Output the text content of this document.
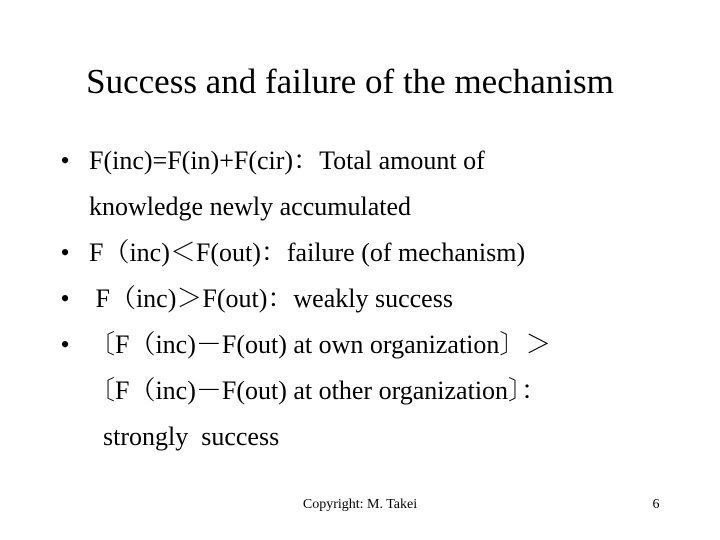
Success and failure of the mechanism
• F(inc)=F(in)+F(cir)：Total amount of
knowledge newly accumulated
• F（inc)＜F(out)：failure (of mechanism)
• F（inc)＞F(out)：weakly success
• 〔F（inc)－F(out) at own organization〕＞
〔F（inc)－F(out) at other organization〕：
strongly  success
Copyright: M. Takei	6
